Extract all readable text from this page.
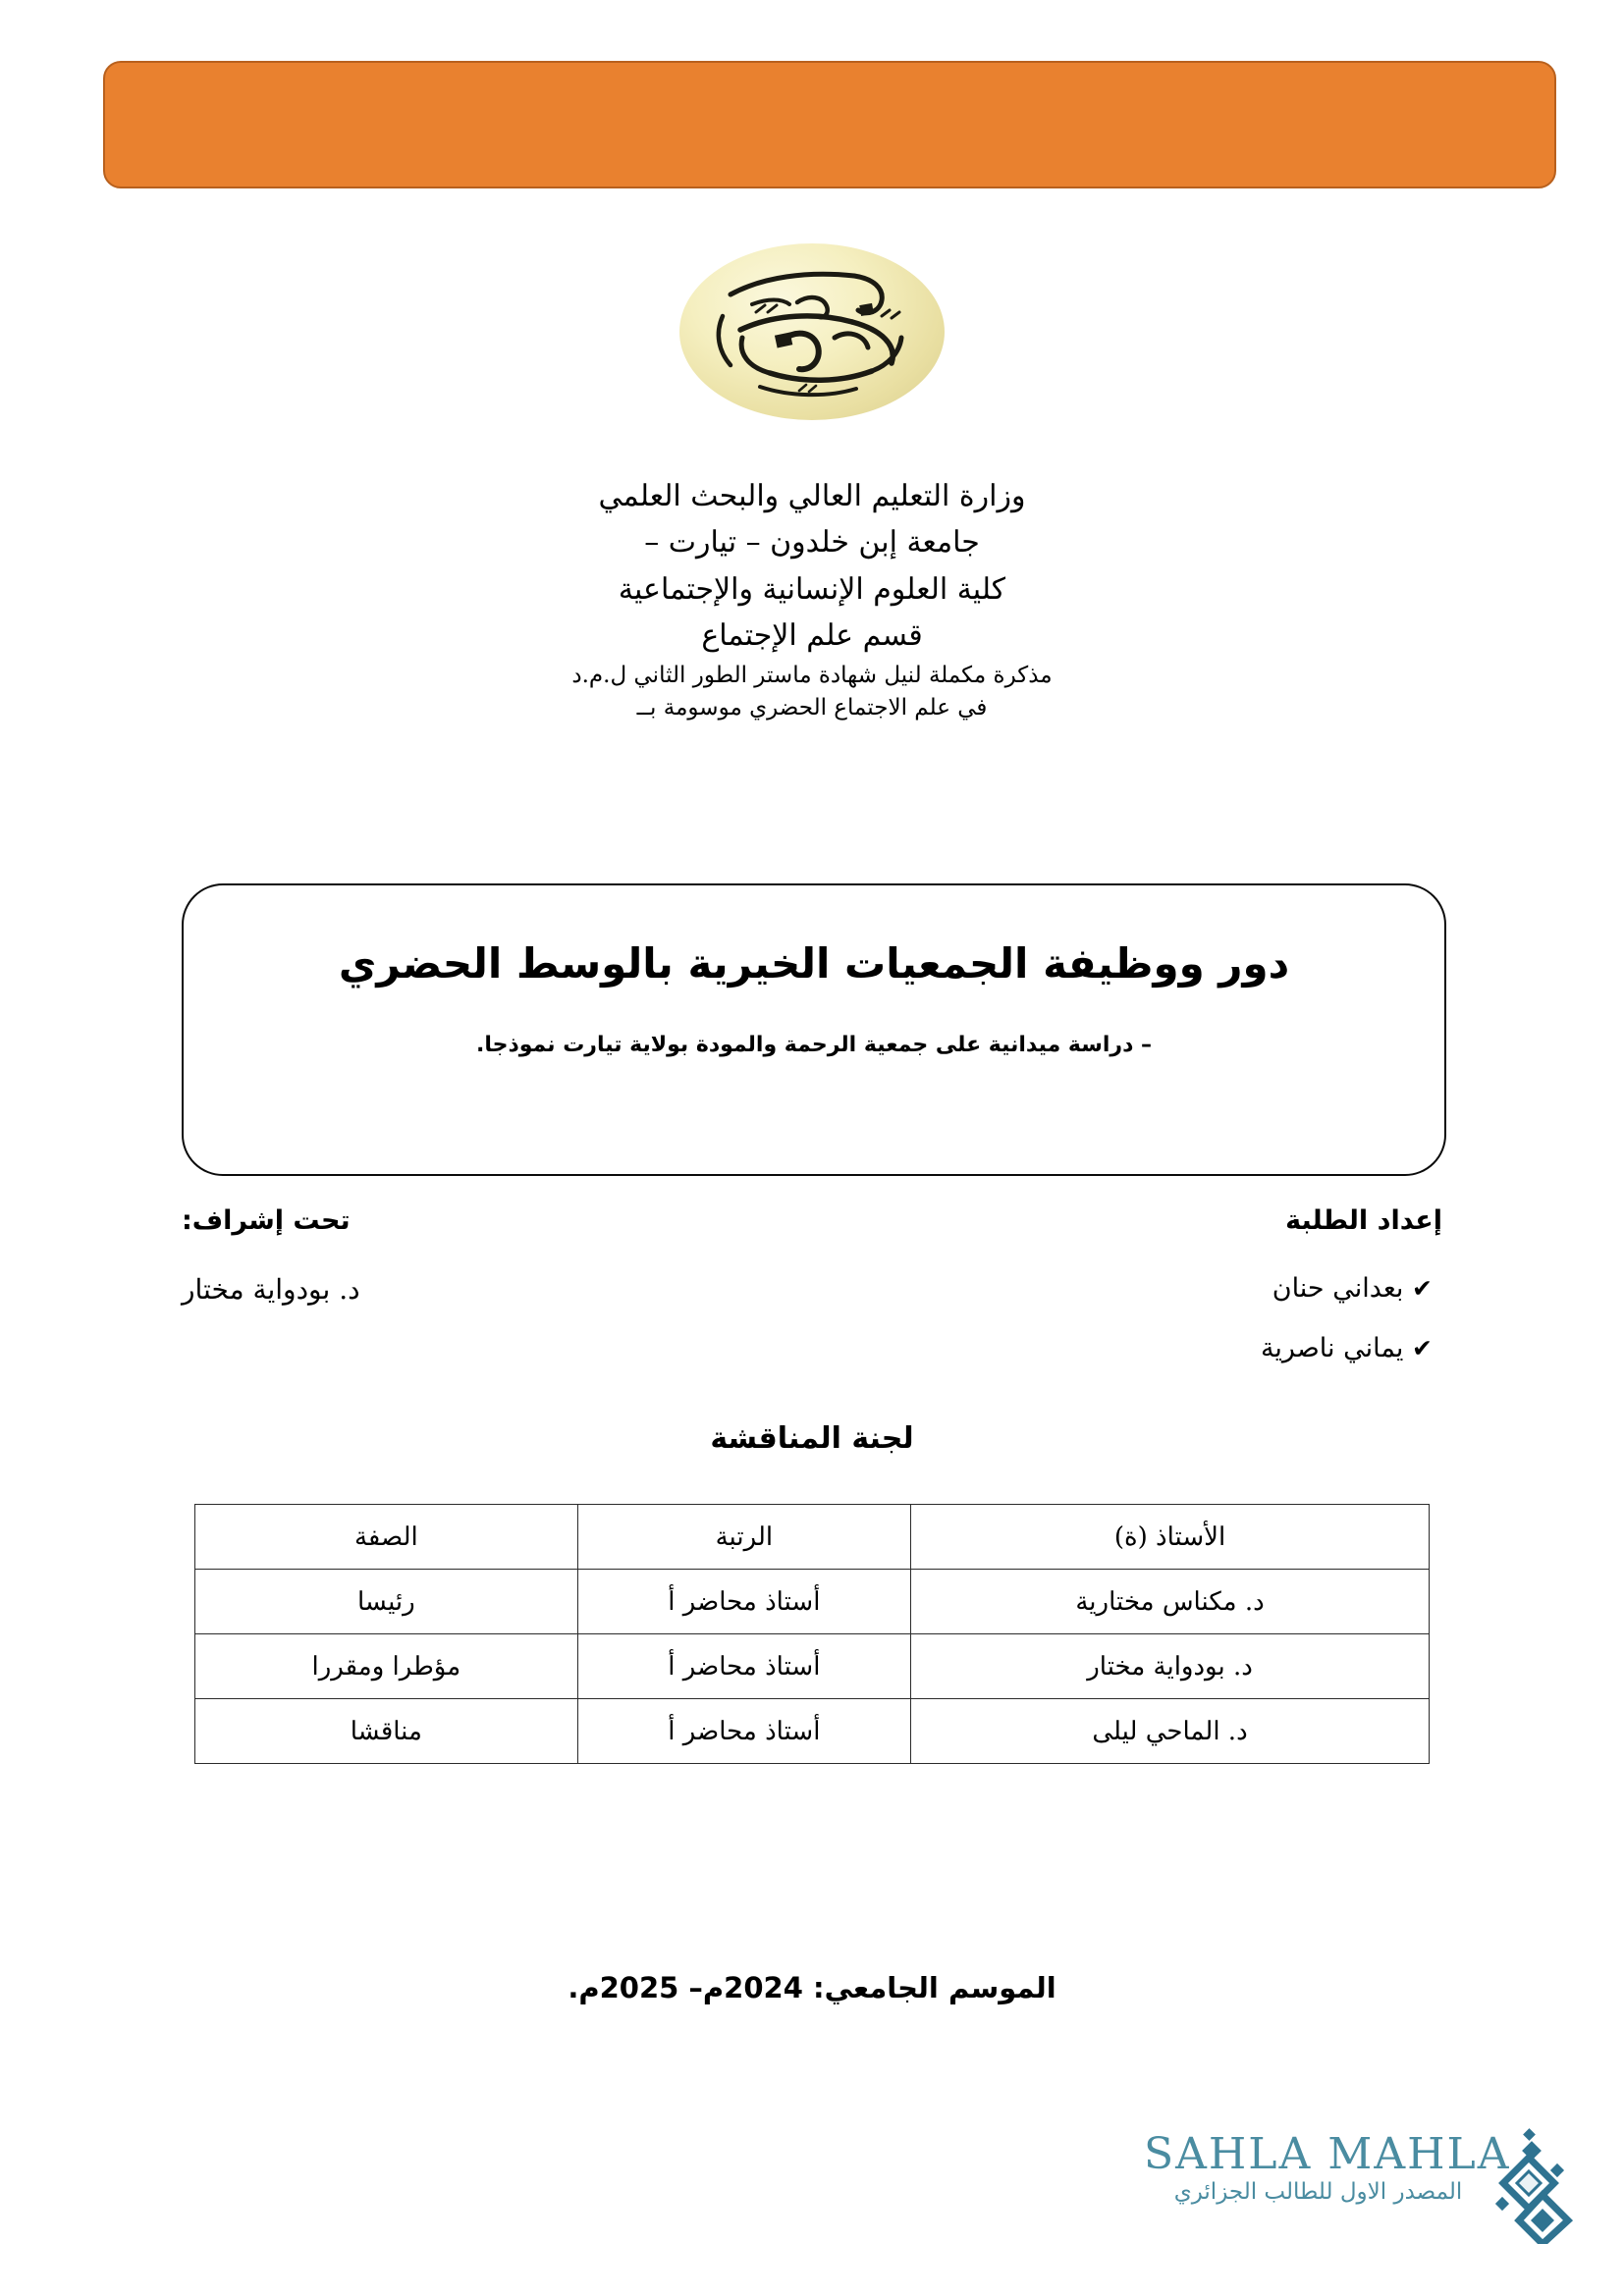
وزارة التعليم العالي والبحث العلمي
جامعة إبن خلدون – تيارت –
كلية العلوم الإنسانية والإجتماعية
قسم علم الإجتماع
مذكرة مكملة لنيل شهادة ماستر الطور الثاني ل.م.د
في علم الاجتماع الحضري موسومة بــ
دور ووظيفة الجمعيات الخيرية بالوسط الحضري
– دراسة ميدانية على جمعية الرحمة والمودة بولاية تيارت نموذجا.
إعداد الطلبة
✔ بعداني حنان
✔ يماني ناصرية
تحت إشراف:
د. بودواية مختار
لجنة المناقشة
الأستاذ (ة)	الرتبة	الصفة
د. مكناس مختارية	أستاذ محاضر أ	رئيسا
د. بودواية مختار	أستاذ محاضر أ	مؤطرا ومقررا
د. الماحي ليلى	أستاذ محاضر أ	مناقشا
الموسم الجامعي: 2024م– 2025م.
SAHLA MAHLA
المصدر الاول للطالب الجزائري
